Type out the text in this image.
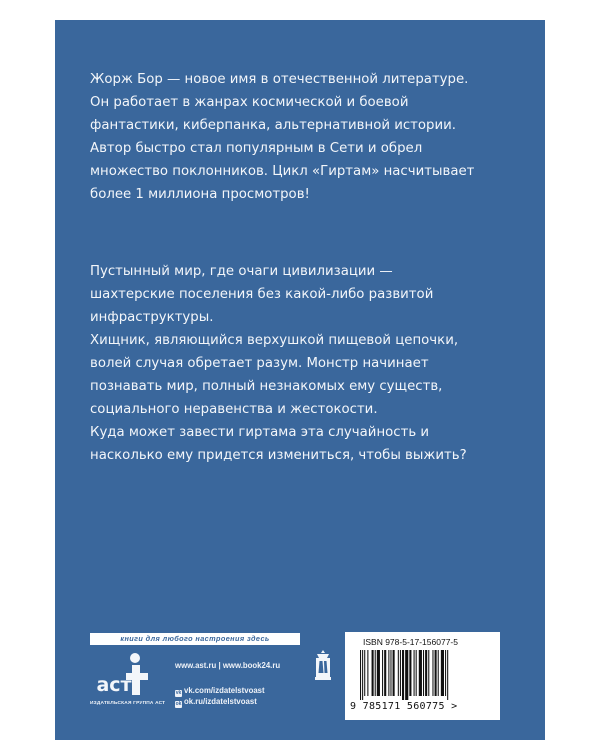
Жорж Бор — новое имя в отечественной литературе.
Он работает в жанрах космической и боевой
фантастики, киберпанка, альтернативной истории.
Автор быстро стал популярным в Сети и обрел
множество поклонников. Цикл «Гиртам» насчитывает
более 1 миллиона просмотров!
Пустынный мир, где очаги цивилизации —
шахтерские поселения без какой-либо развитой
инфраструктуры.
Хищник, являющийся верхушкой пищевой цепочки,
волей случая обретает разум. Монстр начинает
познавать мир, полный незнакомых ему существ,
социального неравенства и жестокости.
Куда может завести гиртама эта случайность и
насколько ему придется измениться, чтобы выжить?
книги для любого настроения здесь
аст
ИЗДАТЕЛЬСКАЯ ГРУППА АСТ
www.ast.ru | www.book24.ru
vk vk.com/izdatelstvoast
ok ok.ru/izdatelstvoast
ISBN 978-5-17-156077-5
9 785171 560775 >
